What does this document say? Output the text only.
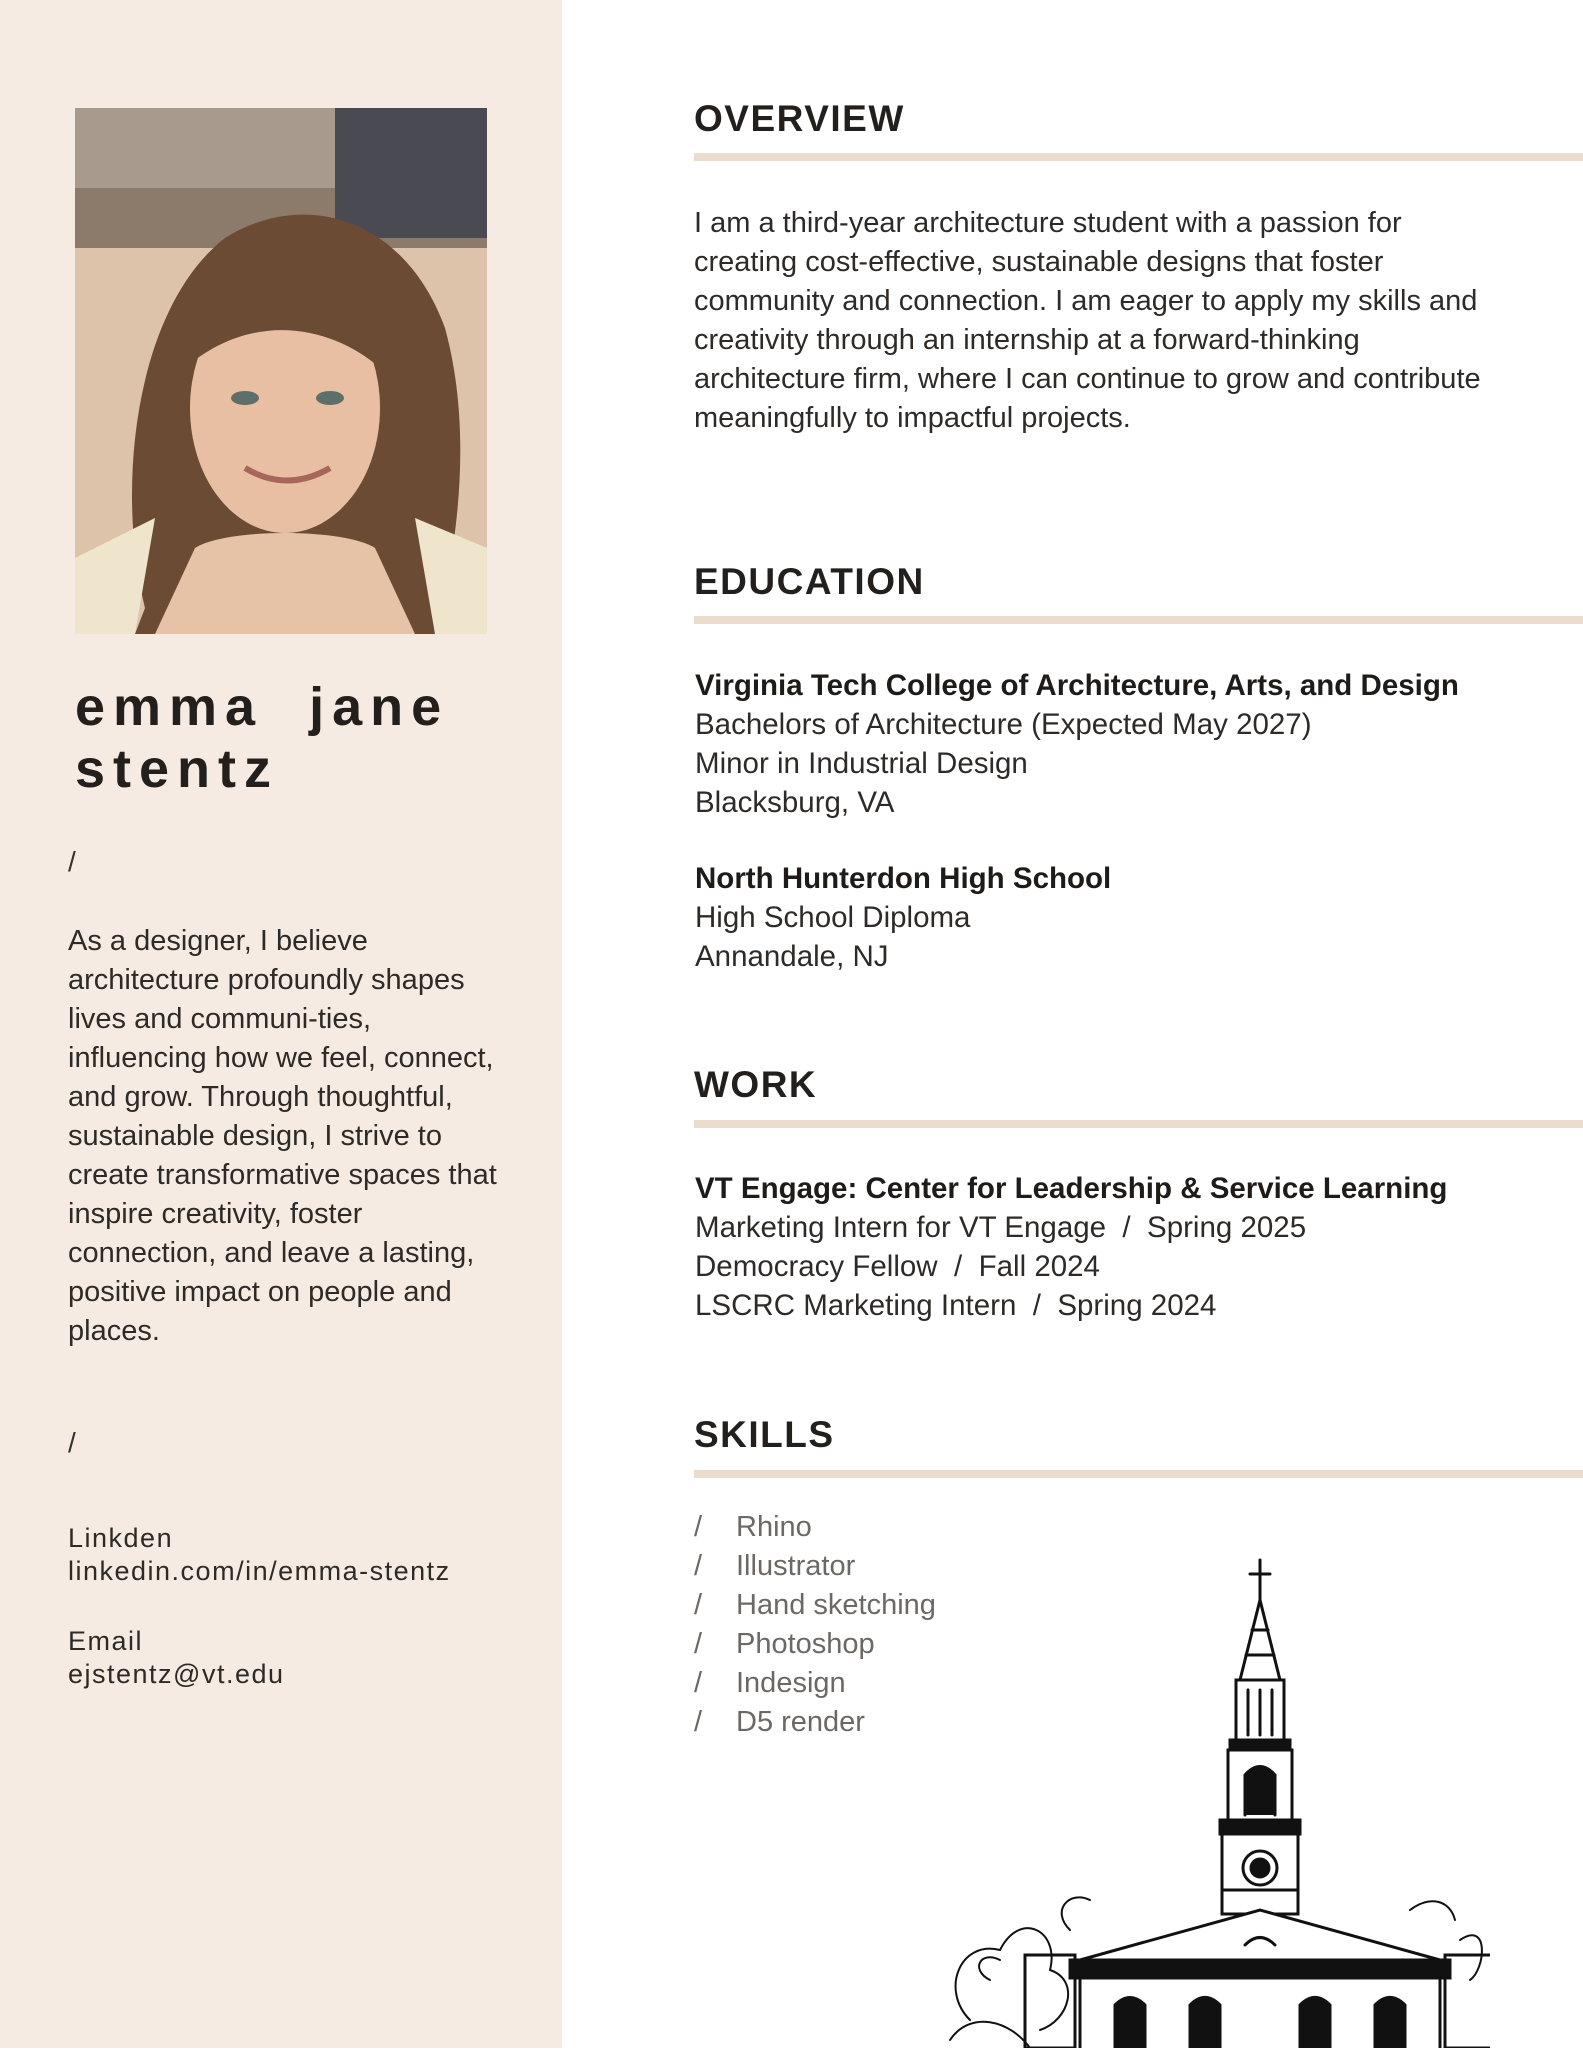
emma  jane
stentz
/

As a designer, I believe architecture profoundly shapes lives and communi-ties, influencing how we feel, connect, and grow. Through thoughtful, sustainable design, I strive to create transformative spaces that inspire creativity, foster connection, and leave a lasting, positive impact on people and places.

/
Linkden
linkedin.com/in/emma-stentz
Email
ejstentz@vt.edu
OVERVIEW

I am a third-year architecture student with a passion for creating cost-effective, sustainable designs that foster community and connection. I am eager to apply my skills and creativity through an internship at a forward-thinking architecture firm, where I can continue to grow and contribute meaningfully to impactful projects.

EDUCATION
Virginia Tech College of Architecture, Arts, and Design
Bachelors of Architecture (Expected May 2027)
Minor in Industrial Design
Blacksburg, VA
North Hunterdon High School
High School Diploma
Annandale, NJ
WORK
VT Engage: Center for Leadership & Service Learning
Marketing Intern for VT Engage  /  Spring 2025
Democracy Fellow  /  Fall 2024
LSCRC Marketing Intern  /  Spring 2024
SKILLS
/ Rhino
/ Illustrator
/ Hand sketching
/ Photoshop
/ Indesign
/ D5 render
